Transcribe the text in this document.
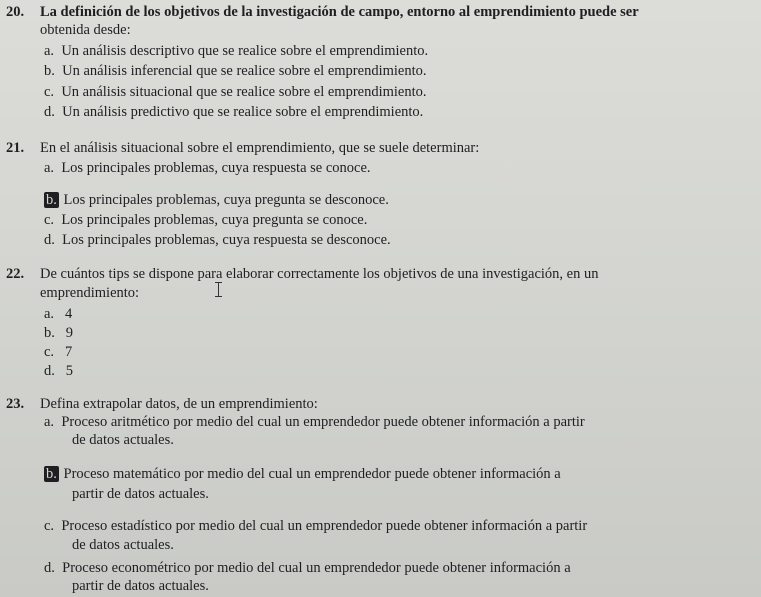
20. La definición de los objetivos de la investigación de campo, entorno al emprendimiento puede ser
obtenida desde:
a. Un análisis descriptivo que se realice sobre el emprendimiento.
b. Un análisis inferencial que se realice sobre el emprendimiento.
c. Un análisis situacional que se realice sobre el emprendimiento.
d. Un análisis predictivo que se realice sobre el emprendimiento.
21. En el análisis situacional sobre el emprendimiento, que se suele determinar:
a. Los principales problemas, cuya respuesta se conoce.
b. Los principales problemas, cuya pregunta se desconoce.
c. Los principales problemas, cuya pregunta se conoce.
d. Los principales problemas, cuya respuesta se desconoce.
22. De cuántos tips se dispone para elaborar correctamente los objetivos de una investigación, en un
emprendimiento:
a. 4
b. 9
c. 7
d. 5
23. Defina extrapolar datos, de un emprendimiento:
a. Proceso aritmético por medio del cual un emprendedor puede obtener información a partir
de datos actuales.
b. Proceso matemático por medio del cual un emprendedor puede obtener información a
partir de datos actuales.
c. Proceso estadístico por medio del cual un emprendedor puede obtener información a partir
de datos actuales.
d. Proceso econométrico por medio del cual un emprendedor puede obtener información a
partir de datos actuales.
